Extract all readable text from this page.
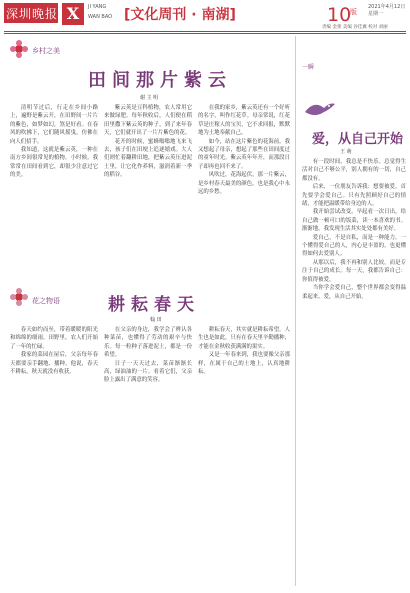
深圳晚报 X	JI YANG
WAN BAO [文化周刊 · 南湖]	10
版
2021年4月12日 星期一
责编 金蕾 美编 谷佳翼 校对 刘丽
乡村之美
田间那片紫云
谢 主 明

清明节过后，行走在乡间小路上，遍野是紫云开，在田野间一片片的紫色，如梦如幻，煞是好看。在春风的吹拂下，它们随风摇曳，仿佛在向人们招手。

我知道，这就是紫云英，一种在南方乡间很常见的植物。小时候，我常常在田间看到它，却很少注意过它的美。

紫云英是豆科植物，农人常用它来做绿肥。每年秋收后，人们便在稻田里撒下紫云英的种子，到了来年春天，它们就开出了一片片紫色的花。

花开的时候，蜜蜂嗡嗡地飞来飞去，孩子们在田埂上追逐嬉戏。大人们则忙着翻耕田地，把紫云英压进泥土里，让它化作养料，滋润着新一季的稻谷。

在我的家乡，紫云英还有一个好听的名字，叫作红花草。母亲常说，红花草是庄稼人的宝贝，它不求回报，默默地为土地奉献自己。

如今，站在这片紫色的花海前，我又想起了母亲，想起了那些在田间度过的童年时光。紫云英年年开，而那段日子却再也回不来了。

风吹过，花海起伏，那一片紫云，是乡村春天最美的颜色，也是我心中永远的乡愁。

花之物语	耕耘春天
翰 田

春天如约而至，带着暖暖的阳光和绵绵的细雨。田野里，农人们开始了一年的忙碌。

我家的菜园在屋后，父亲每年春天都要亲手翻地、播种。他说，春天不耕耘，秋天就没有收获。

在父亲的身边，我学会了辨认各种菜苗，也懂得了劳动的艰辛与快乐。每一粒种子落进泥土，都是一份希望。

日子一天天过去，菜苗渐渐长高，绿油油的一片。看着它们，父亲脸上露出了满意的笑容。

耕耘春天，其实就是耕耘希望。人生也是如此，只有在春天里辛勤播种，才能在金秋收获满满的果实。

又是一年春来到，我也要像父亲那样，在属于自己的土地上，认真地耕耘。

一瞬
爱，从自己开始
王 萌

有一段时间，我总是不快乐。总觉得生活对自己不够公平，别人拥有的一切，自己都没有。

后来，一位朋友告诉我：想要被爱，首先要学会爱自己。只有先照顾好自己的情绪，才能把温暖带给身边的人。

我开始尝试改变。早起看一次日出，给自己做一顿可口的饭菜，读一本喜欢的书。渐渐地，我发现生活其实处处都有美好。

爱自己，不是自私，而是一种能力。一个懂得爱自己的人，内心是丰盈的，也更懂得如何去爱别人。

从那以后，我不再和别人比较，而是专注于自己的成长。每一天，我都告诉自己：你值得被爱。

当你学会爱自己，整个世界都会变得温柔起来。爱，从自己开始。
